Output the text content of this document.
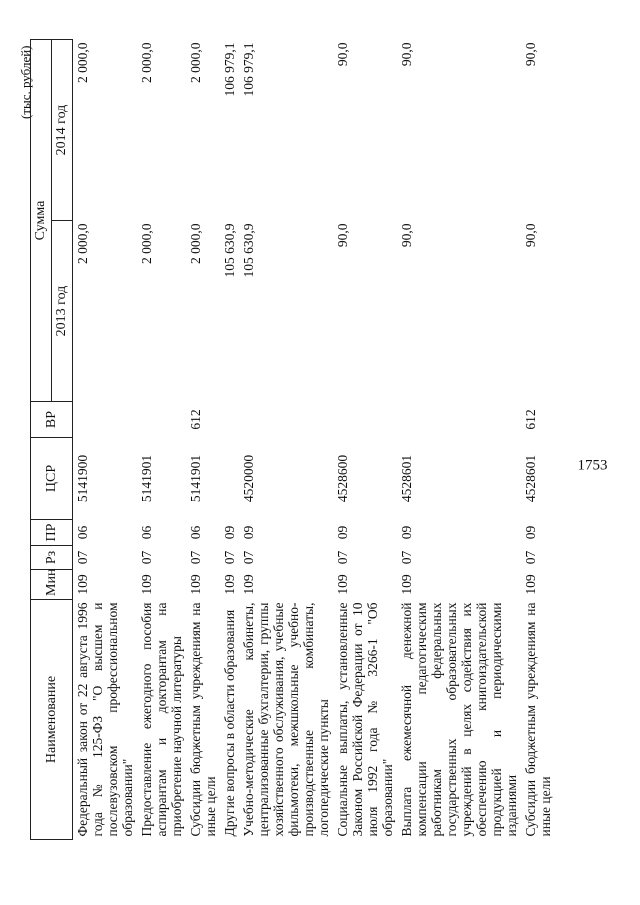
1753
(тыс. рублей)
Наименование	Мин	Рз	ПР	ЦСР	ВР	Сумма	
						2013 год	2014 год
Федеральный закон от 22 августа 1996 года № 125-ФЗ "О высшем и послевузовском профессиональном образовании"	109	07	06	5141900		2 000,0	2 000,0
Предоставление ежегодного пособия аспирантам и докторантам на приобретение научной литературы	109	07	06	5141901		2 000,0	2 000,0
Субсидии бюджетным учреждениям на иные цели	109	07	06	5141901	612	2 000,0	2 000,0
Другие вопросы в области образования	109	07	09			105 630,9	106 979,1
Учебно-методические кабинеты, централизованные бухгалтерии, группы хозяйственного обслуживания, учебные фильмотеки, межшкольные учебно-производственные комбинаты, логопедические пункты	109	07	09	4520000		105 630,9	106 979,1
Социальные выплаты, установленные Законом Российской Федерации от 10 июля 1992 года № 3266-1 "Об образовании"	109	07	09	4528600		90,0	90,0
Выплата ежемесячной денежной компенсации педагогическим работникам федеральных государственных образовательных учреждений в целях содействия их обеспечению книгоиздательской продукцией и периодическими изданиями	109	07	09	4528601		90,0	90,0
Субсидии бюджетным учреждениям на иные цели	109	07	09	4528601	612	90,0	90,0
